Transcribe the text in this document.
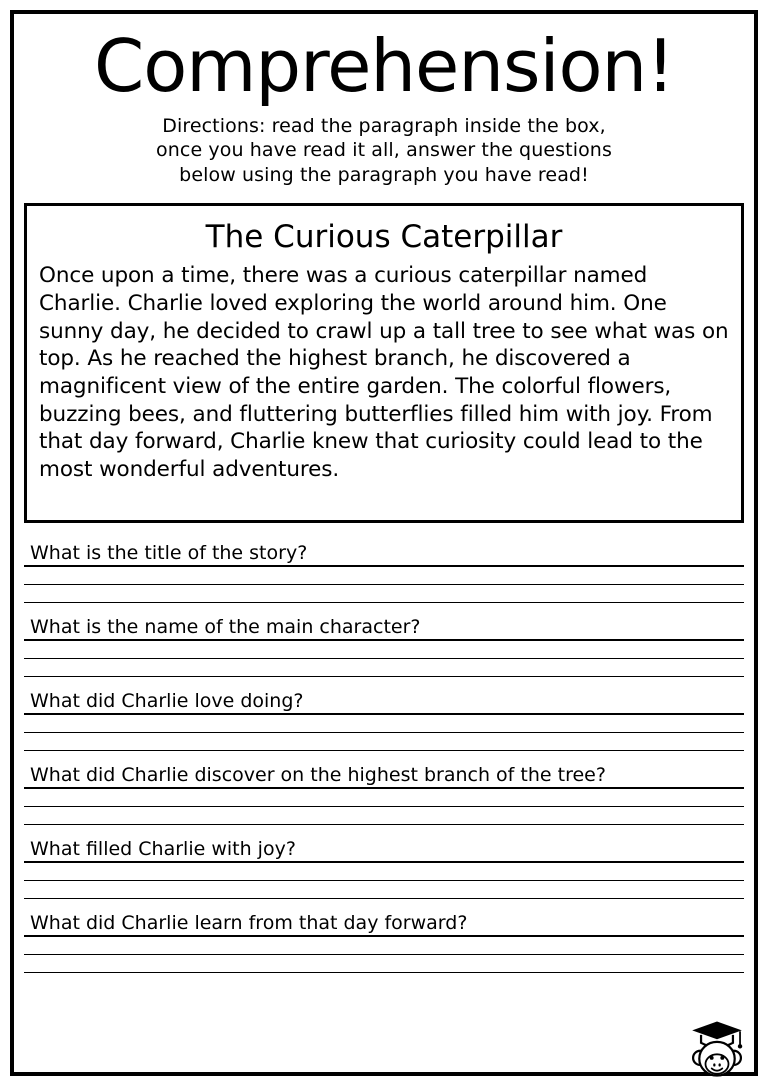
Comprehension!
Directions: read the paragraph inside the box,
once you have read it all, answer the questions
below using the paragraph you have read!
The Curious Caterpillar
Once upon a time, there was a curious caterpillar named Charlie. Charlie loved exploring the world around him. One sunny day, he decided to crawl up a tall tree to see what was on top. As he reached the highest branch, he discovered a magnificent view of the entire garden. The colorful flowers, buzzing bees, and fluttering butterflies filled him with joy. From that day forward, Charlie knew that curiosity could lead to the most wonderful adventures.
What is the title of the story?
What is the name of the main character?
What did Charlie love doing?
What did Charlie discover on the highest branch of the tree?
What filled Charlie with joy?
What did Charlie learn from that day forward?
